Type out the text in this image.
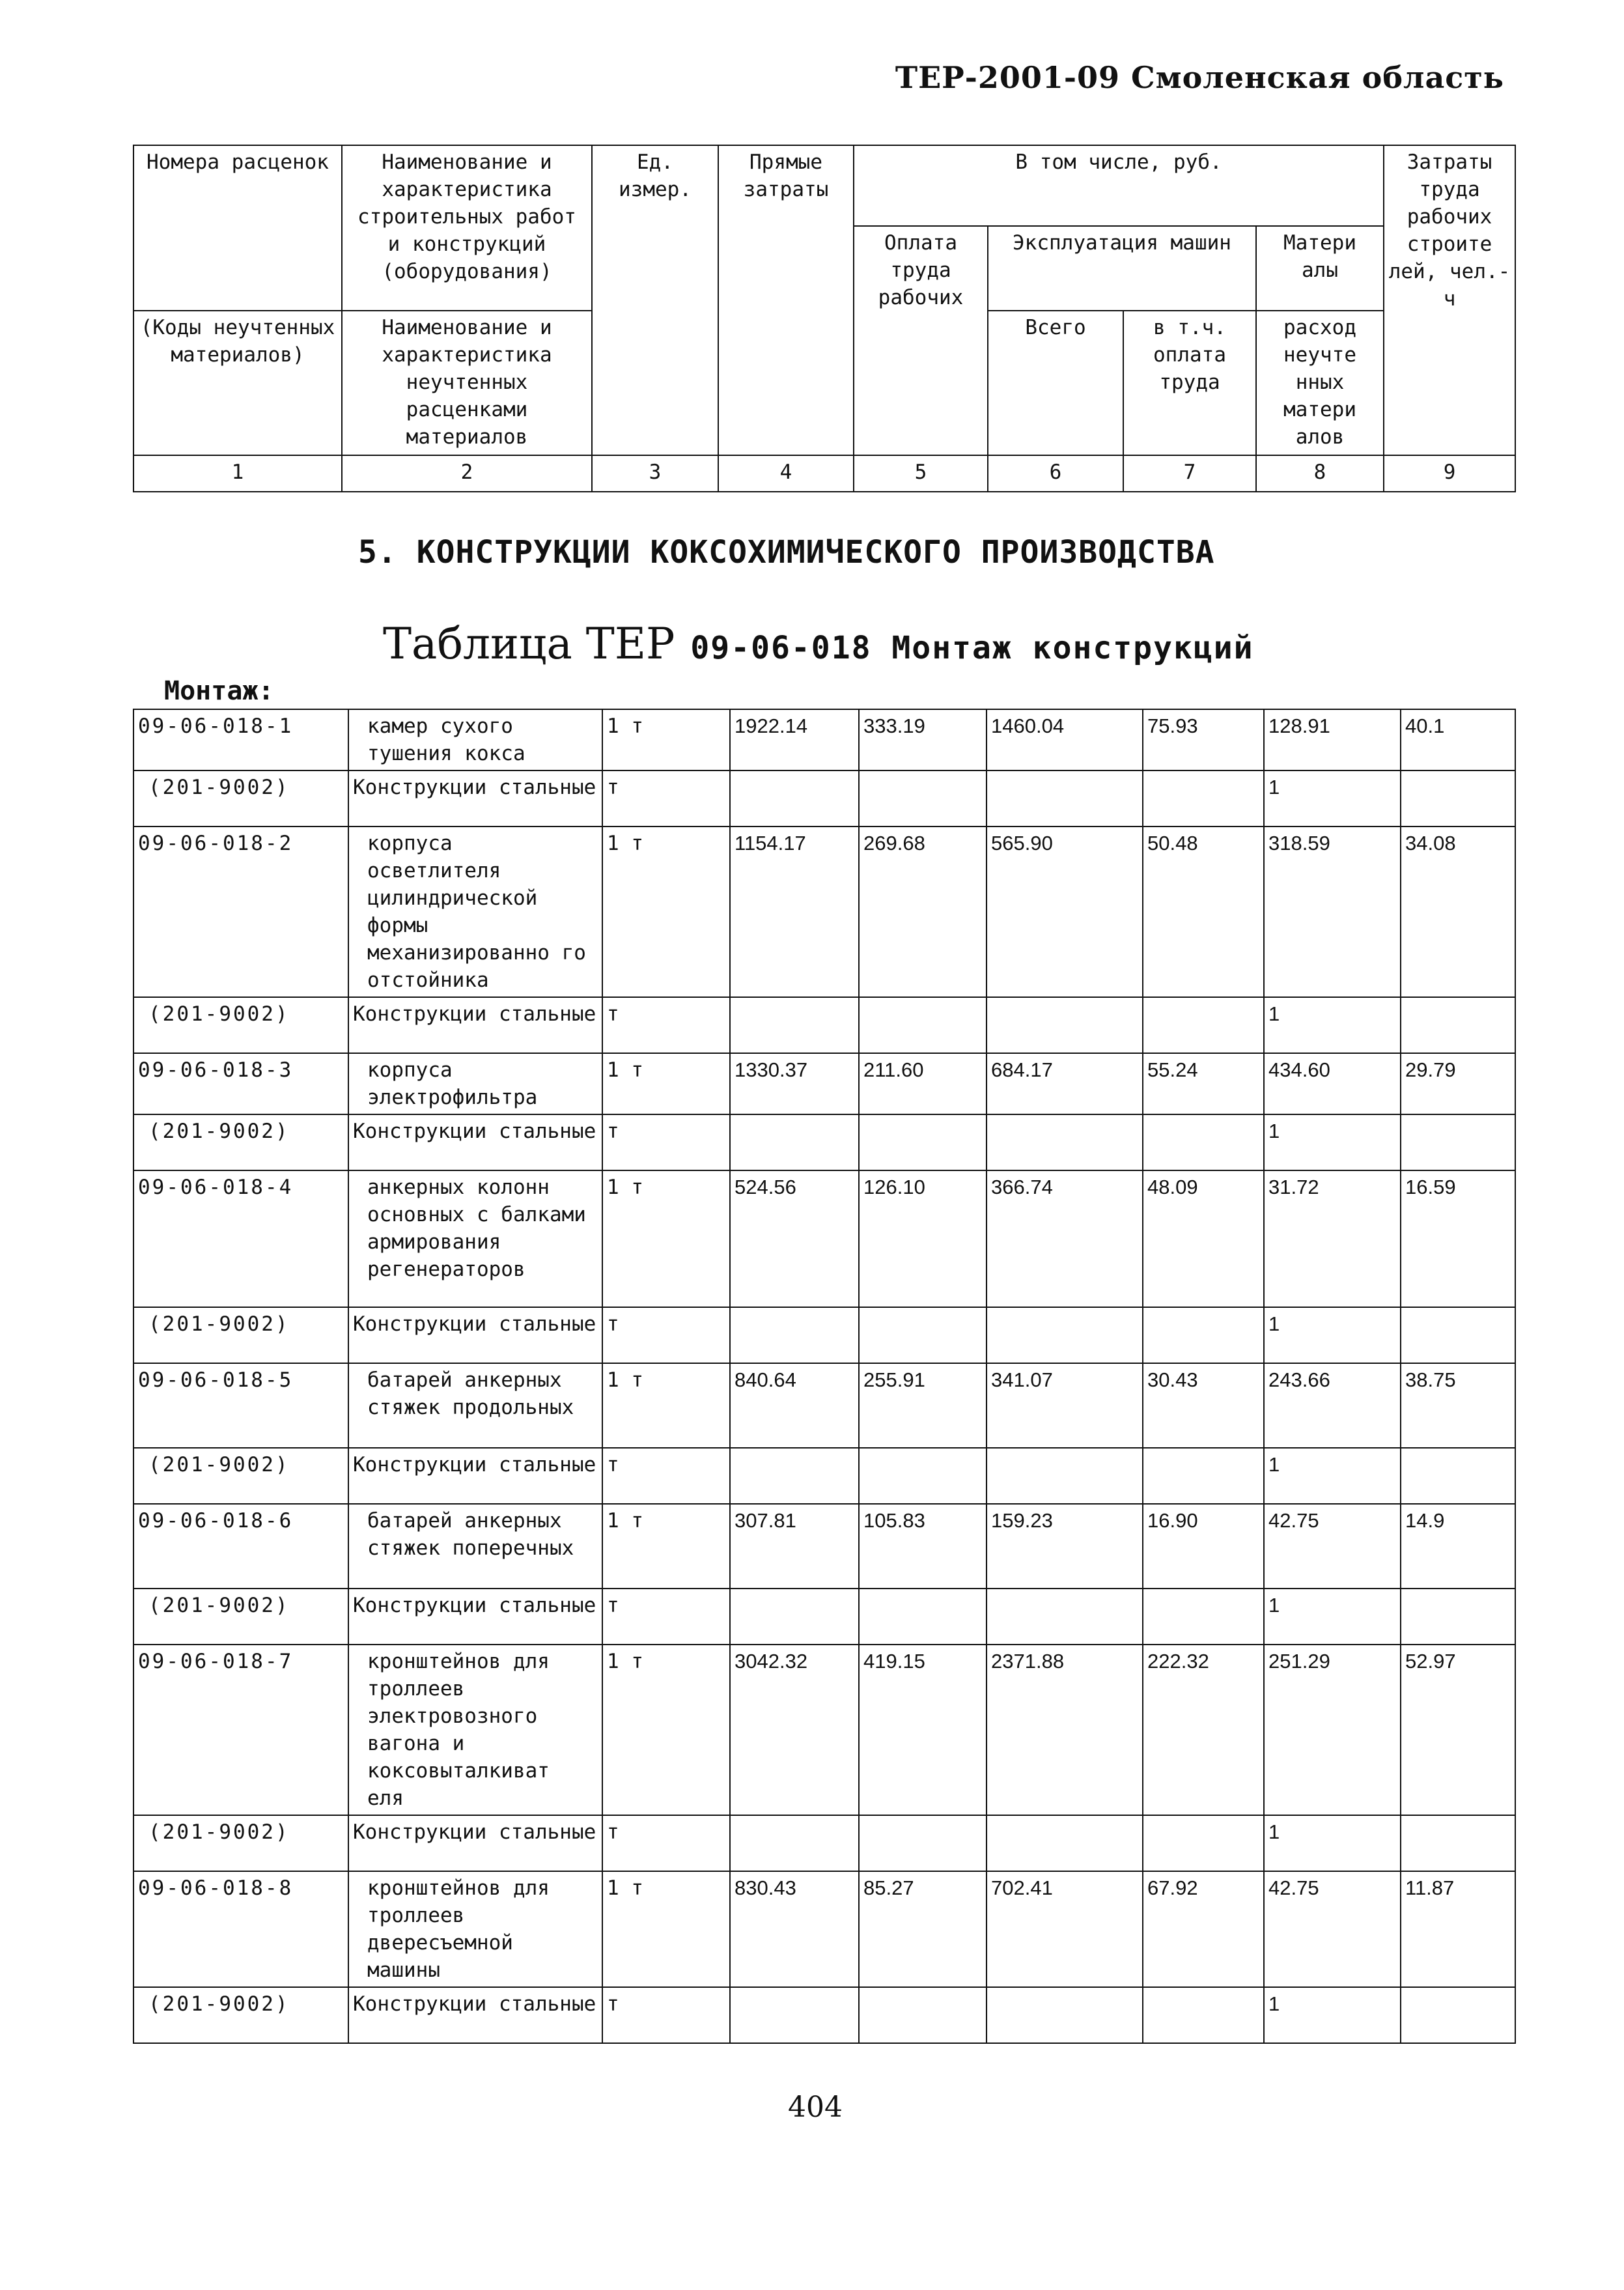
ТЕР-2001-09 Смоленская область
Номера расценок	Наименование и характеристика строительных работ и конструкций (оборудования)	Ед. измер.	Прямые затраты	В том числе, руб.				Затраты труда рабочих строите лей, чел.-ч
				Оплата труда рабочих	Эксплуатация машин		Матери алы	
(Коды неучтенных материалов)	Наименование и характеристика неучтенных расценками материалов				Всего	в т.ч. оплата труда	расход неучте нных матери алов	
1	2	3	4	5	6	7	8	9
5. КОНСТРУКЦИИ КОКСОХИМИЧЕСКОГО ПРОИЗВОДСТВА
Таблица ТЕР 09-06-018 Монтаж конструкций
Монтаж:
09-06-018-1	камер сухого тушения кокса	1 т	1922.14	333.19	1460.04	75.93	128.91	40.1
(201-9002)	Конструкции стальные	т					1	
09-06-018-2	корпуса осветлителя цилиндрической формы механизированно го отстойника	1 т	1154.17	269.68	565.90	50.48	318.59	34.08
(201-9002)	Конструкции стальные	т					1	
09-06-018-3	корпуса электрофильтра	1 т	1330.37	211.60	684.17	55.24	434.60	29.79
(201-9002)	Конструкции стальные	т					1	
09-06-018-4	анкерных колонн основных с балками армирования регенераторов	1 т	524.56	126.10	366.74	48.09	31.72	16.59
(201-9002)	Конструкции стальные	т					1	
09-06-018-5	батарей анкерных стяжек продольных	1 т	840.64	255.91	341.07	30.43	243.66	38.75
(201-9002)	Конструкции стальные	т					1	
09-06-018-6	батарей анкерных стяжек поперечных	1 т	307.81	105.83	159.23	16.90	42.75	14.9
(201-9002)	Конструкции стальные	т					1	
09-06-018-7	кронштейнов для троллеев электровозного вагона и коксовыталкиват еля	1 т	3042.32	419.15	2371.88	222.32	251.29	52.97
(201-9002)	Конструкции стальные	т					1	
09-06-018-8	кронштейнов для троллеев двересъемной машины	1 т	830.43	85.27	702.41	67.92	42.75	11.87
(201-9002)	Конструкции стальные	т					1	
404
